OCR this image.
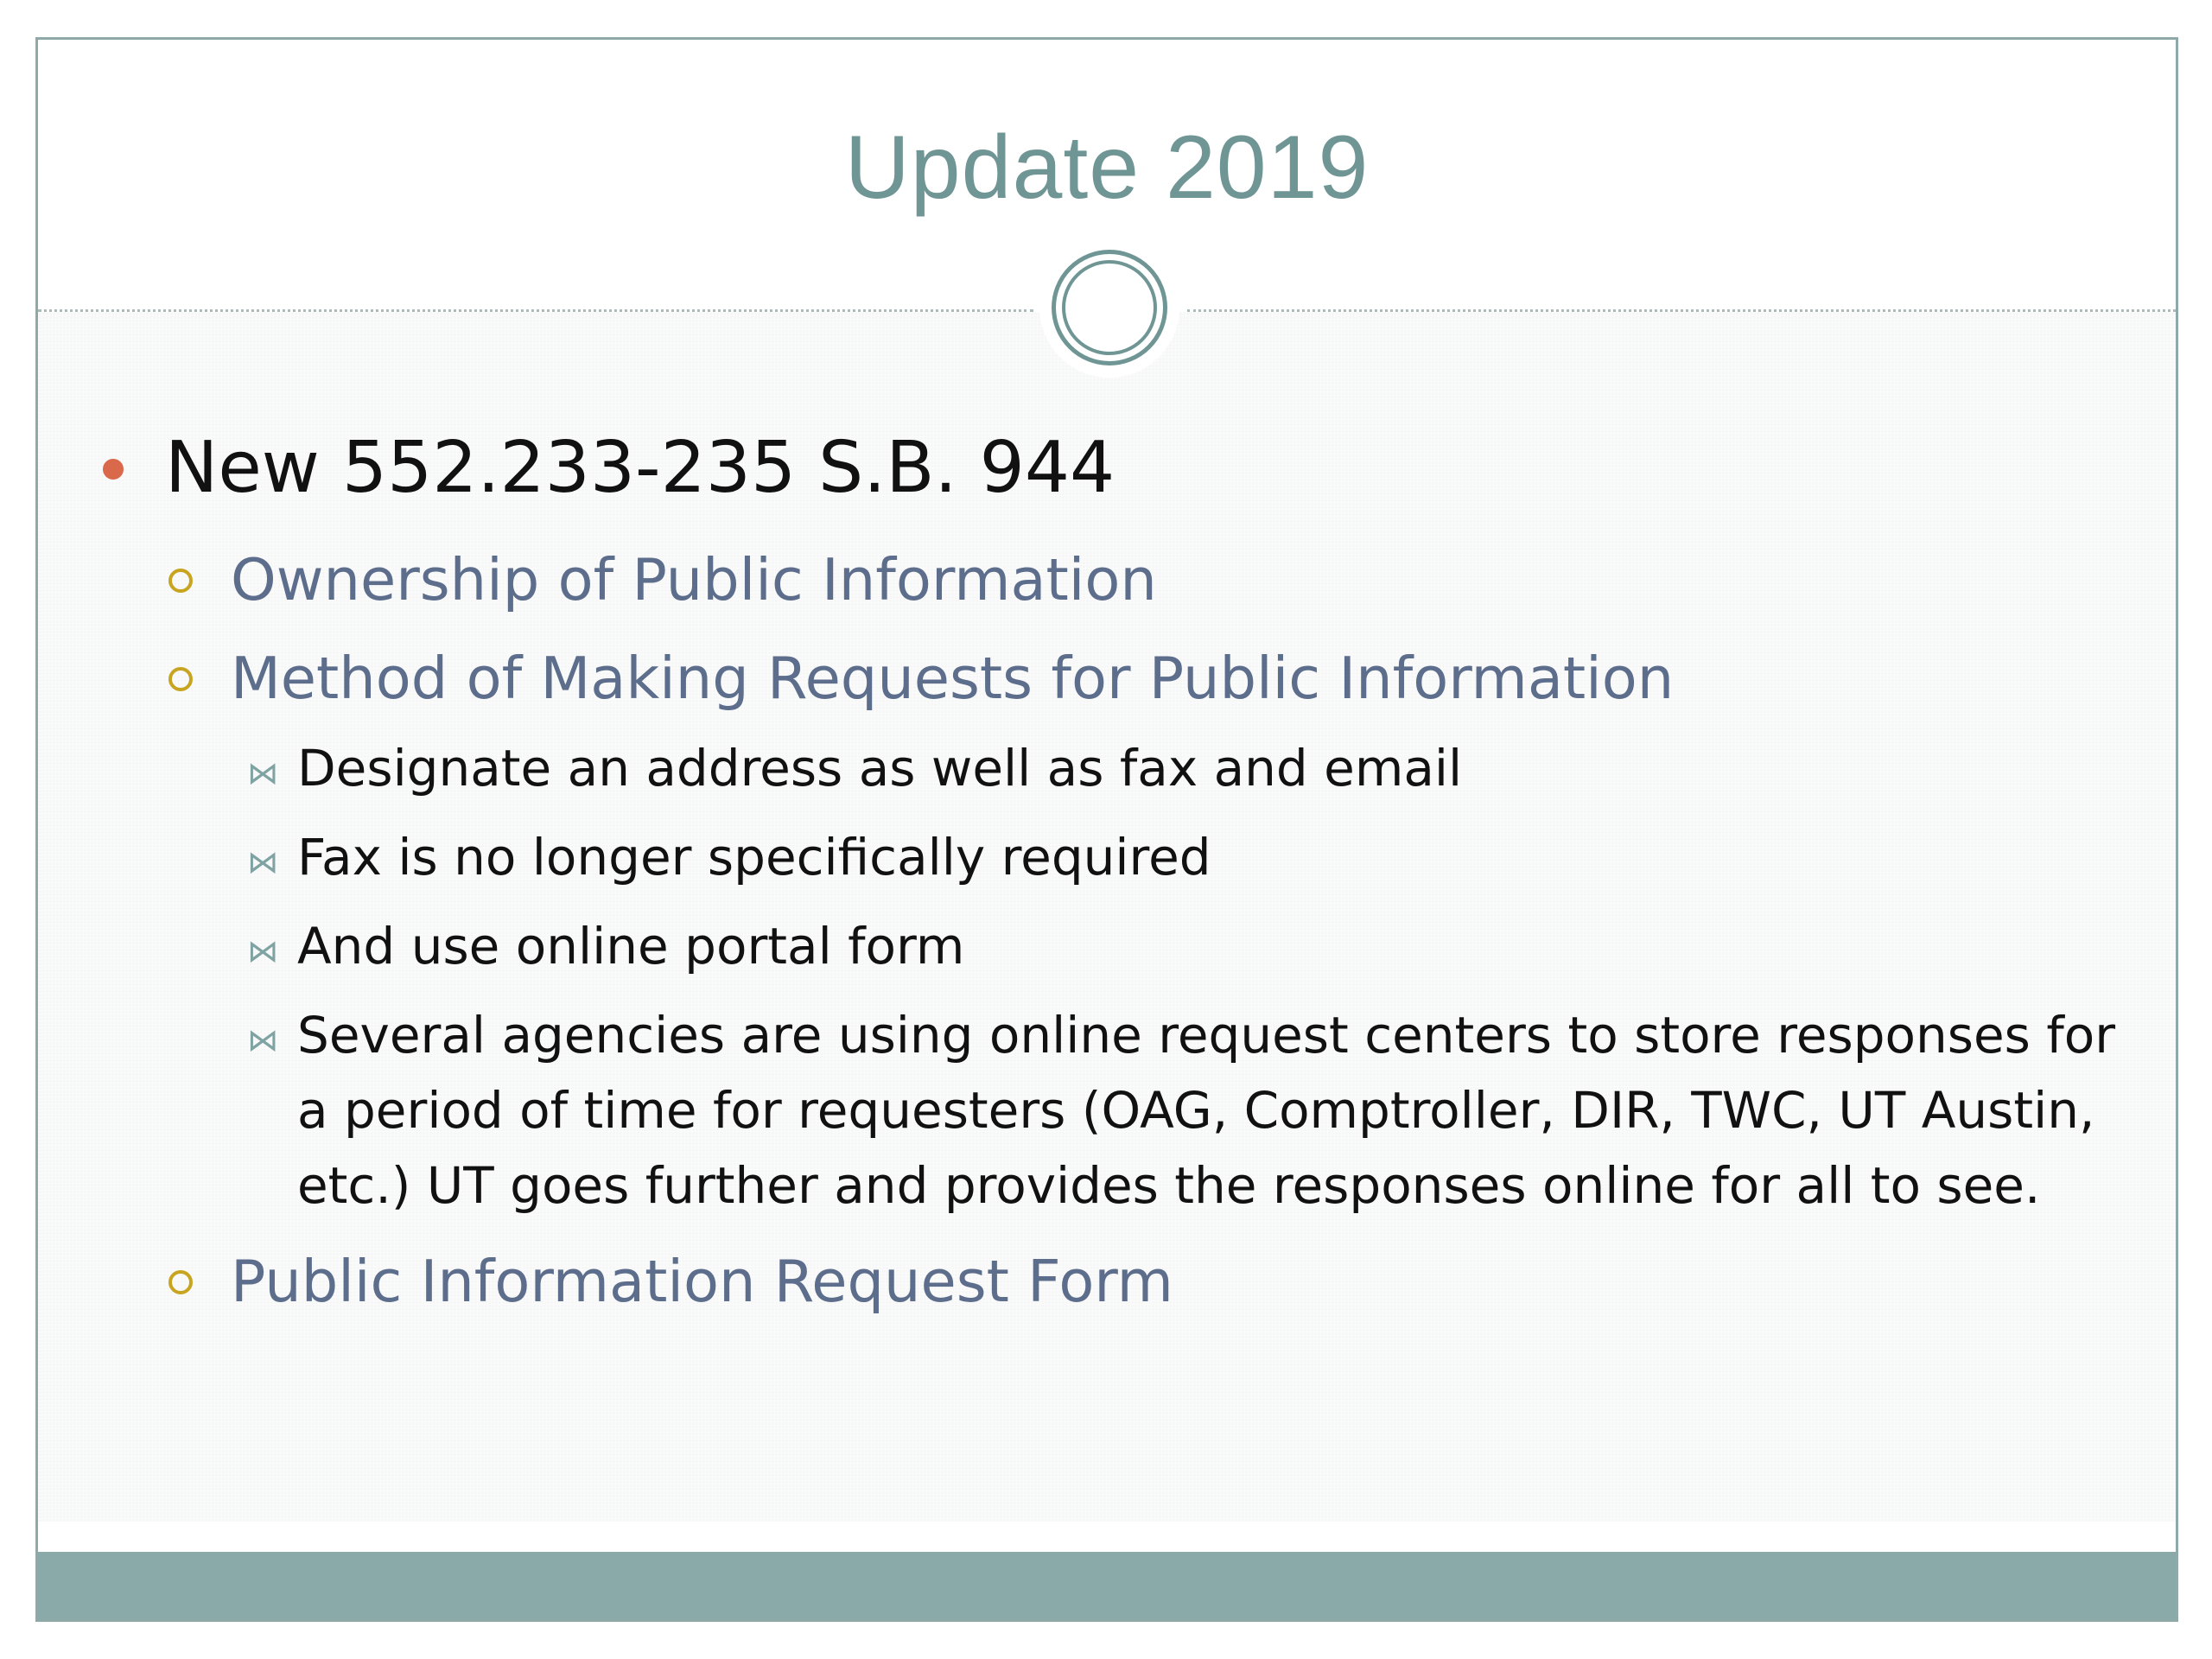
Update 2019
New 552.233-235 S.B. 944
Ownership of Public Information
Method of Making Requests for Public Information
⋈ Designate an address as well as fax and email
⋈ Fax is no longer specifically required
⋈ And use online portal form
⋈ Several agencies are using online request centers to store responses for a period of time for requesters (OAG, Comptroller, DIR, TWC, UT Austin, etc.) UT goes further and provides the responses online for all to see.
Public Information Request Form
